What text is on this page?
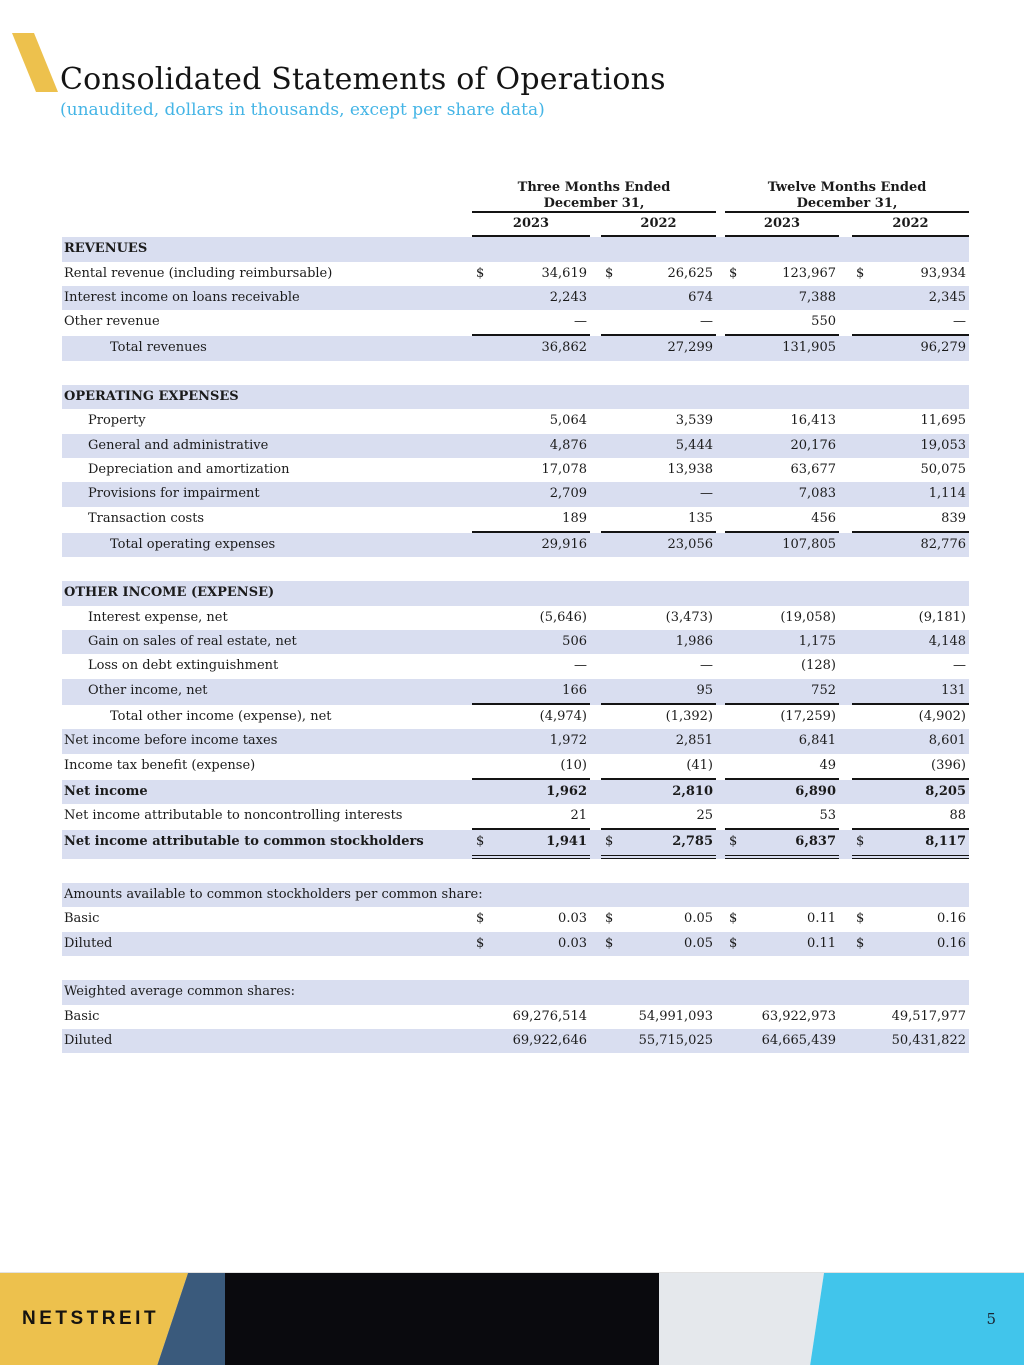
Consolidated Statements of Operations
(unaudited, dollars in thousands, except per share data)
Three Months Ended
December 31,
Twelve Months Ended
December 31,
2023	2022	2023	2022
REVENUES
Rental revenue (including reimbursable)	$	34,619 $	26,625 $	123,967 $	93,934
Interest income on loans receivable	2,243	674	7,388	2,345
Other revenue	—	—	550	—
Total revenues	36,862	27,299	131,905	96,279
OPERATING EXPENSES
Property	5,064	3,539	16,413	11,695
General and administrative	4,876	5,444	20,176	19,053
Depreciation and amortization	17,078	13,938	63,677	50,075
Provisions for impairment	2,709	—	7,083	1,114
Transaction costs	189	135	456	839
Total operating expenses	29,916	23,056	107,805	82,776
OTHER INCOME (EXPENSE)
Interest expense, net	(5,646)	(3,473)	(19,058)	(9,181)
Gain on sales of real estate, net	506	1,986	1,175	4,148
Loss on debt extinguishment	—	—	(128)	—
Other income, net	166	95	752	131
Total other income (expense), net	(4,974)	(1,392)	(17,259)	(4,902)
Net income before income taxes	1,972	2,851	6,841	8,601
Income tax benefit (expense)	(10)	(41)	49	(396)
Net income	1,962	2,810	6,890	8,205
Net income attributable to noncontrolling interests	21	25	53	88
Net income attributable to common stockholders	$	1,941 $	2,785 $	6,837 $	8,117
Amounts available to common stockholders per common share:
Basic	$	0.03 $	0.05 $	0.11 $	0.16
Diluted	$	0.03 $	0.05 $	0.11 $	0.16
Weighted average common shares:
Basic	69,276,514	54,991,093	63,922,973	49,517,977
Diluted	69,922,646	55,715,025	64,665,439	50,431,822
NETSTREIT	5
